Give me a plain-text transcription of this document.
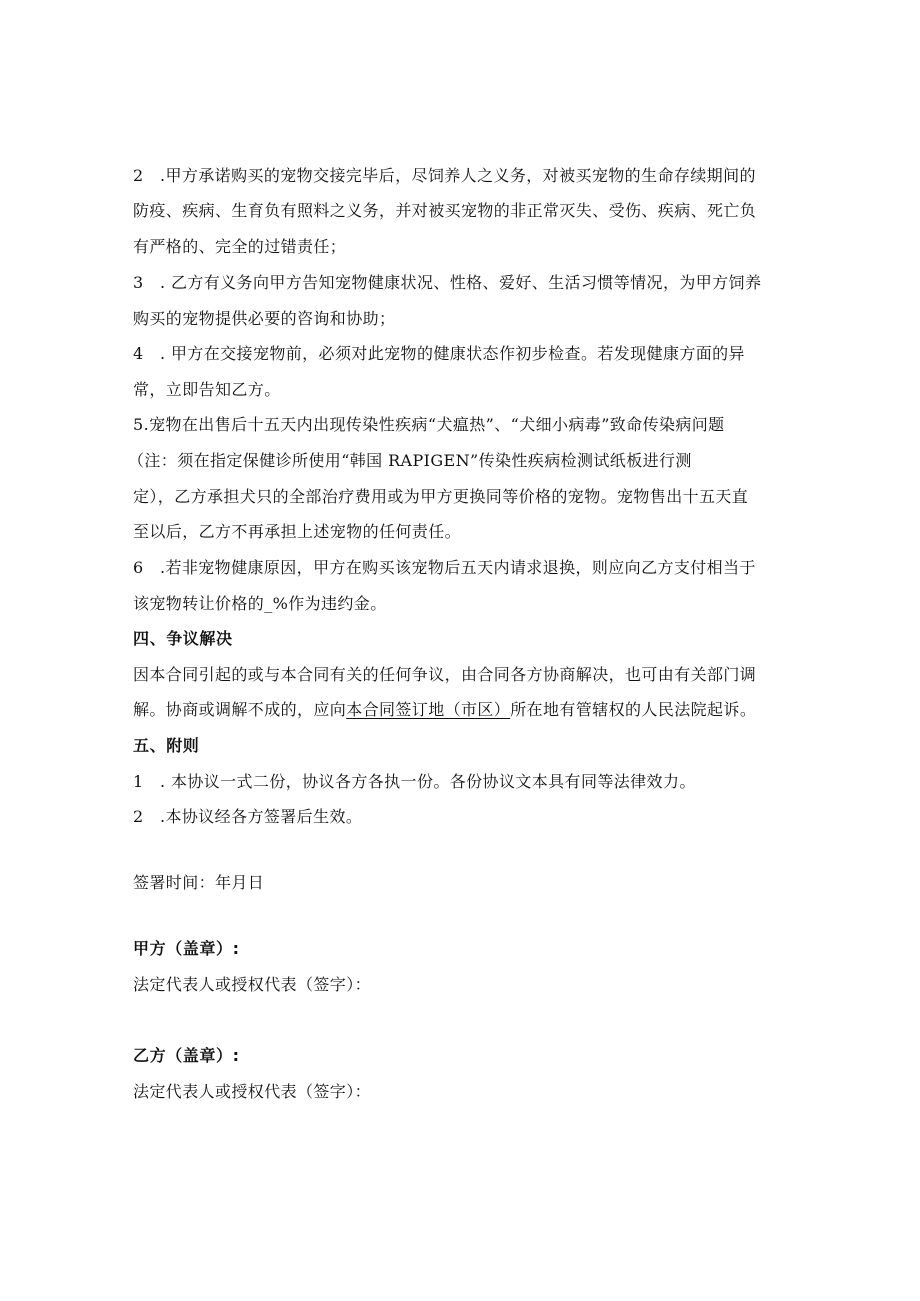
2　.甲方承诺购买的宠物交接完毕后，尽饲养人之义务，对被买宠物的生命存续期间的
防疫、疾病、生育负有照料之义务，并对被买宠物的非正常灭失、受伤、疾病、死亡负
有严格的、完全的过错责任；
3　. 乙方有义务向甲方告知宠物健康状况、性格、爱好、生活习惯等情况，为甲方饲养
购买的宠物提供必要的咨询和协助；
4　. 甲方在交接宠物前，必须对此宠物的健康状态作初步检查。若发现健康方面的异
常，立即告知乙方。
5.宠物在出售后十五天内出现传染性疾病“犬瘟热”、“犬细小病毒”致命传染病问题
（注：须在指定保健诊所使用“韩国 RAPIGEN”传染性疾病检测试纸板进行测
定），乙方承担犬只的全部治疗费用或为甲方更换同等价格的宠物。宠物售出十五天直
至以后，乙方不再承担上述宠物的任何责任。
6　.若非宠物健康原因，甲方在购买该宠物后五天内请求退换，则应向乙方支付相当于
该宠物转让价格的_%作为违约金。
四、争议解决
因本合同引起的或与本合同有关的任何争议，由合同各方协商解决，也可由有关部门调
解。协商或调解不成的，应向本合同签订地（市区）所在地有管辖权的人民法院起诉。
五、附则
1　. 本协议一式二份，协议各方各执一份。各份协议文本具有同等法律效力。
2　.本协议经各方签署后生效。
签署时间：年月日
甲方（盖章）:
法定代表人或授权代表（签字）：
乙方（盖章）:
法定代表人或授权代表（签字）：
